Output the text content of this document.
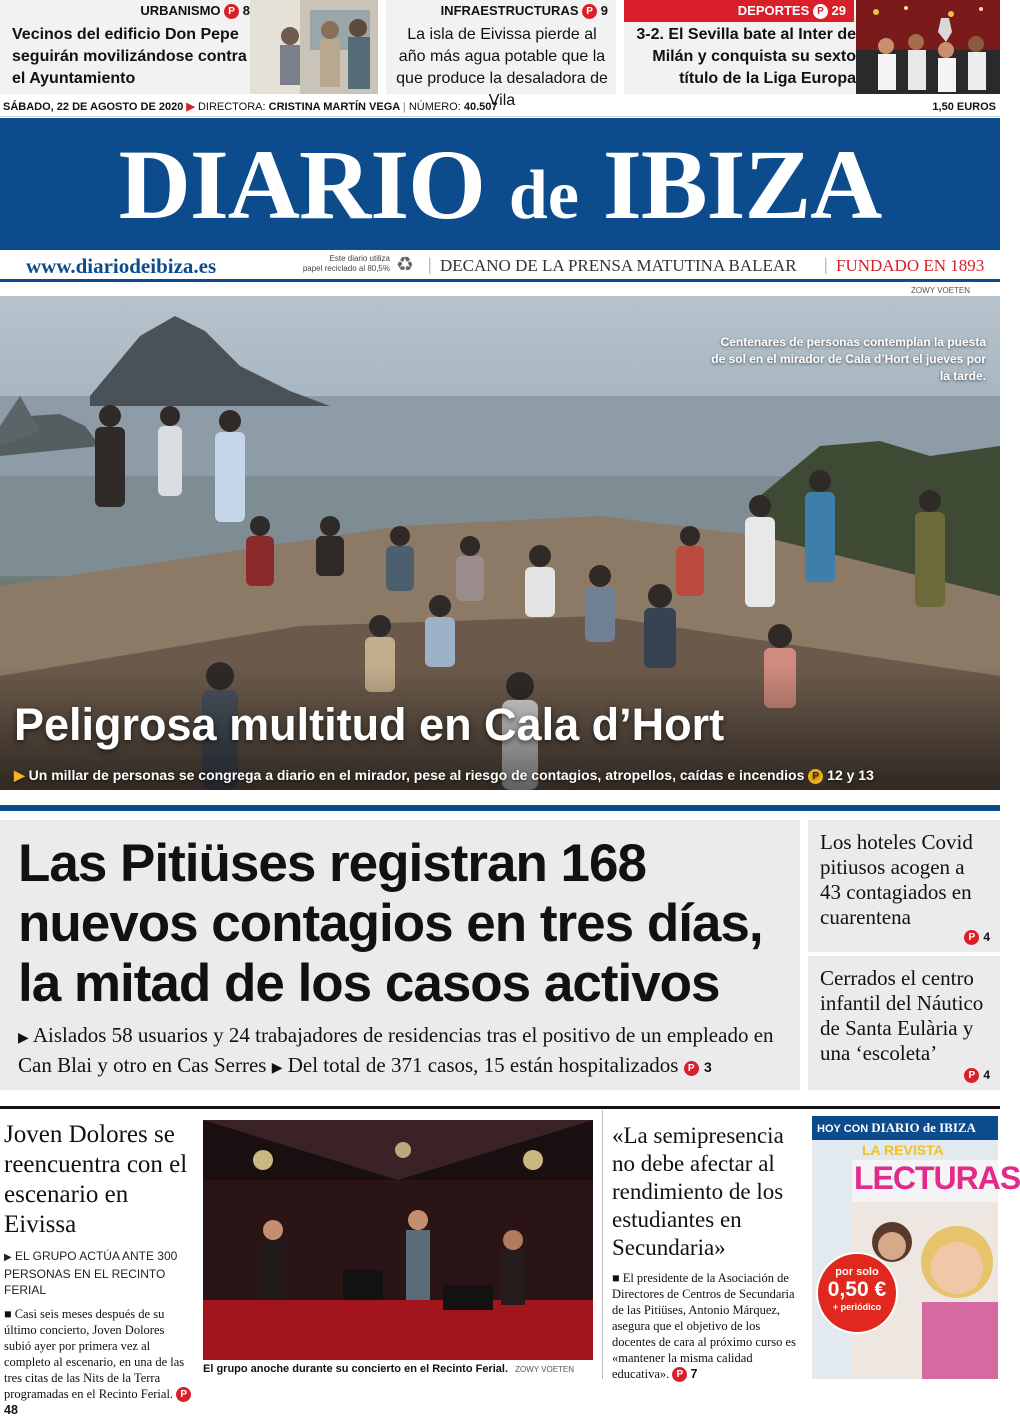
URBANISMO P 8
Vecinos del edificio Don Pepe seguirán movilizándose contra el Ayuntamiento
INFRAESTRUCTURAS P 9
La isla de Eivissa pierde al año más agua potable que la que produce la desaladora de Vila
DEPORTES P 29
3-2. El Sevilla bate al Inter de Milán y conquista su sexto título de la Liga Europa
SÁBADO, 22 DE AGOSTO DE 2020 ▶ DIRECTORA: CRISTINA MARTÍN VEGA | NÚMERO: 40.507	1,50 EUROS
DIARIO de IBIZA
www.diariodeibiza.es	Este diario utiliza
papel reciclado al 80,5% ♻ | DECANO DE LA PRENSA MATUTINA BALEAR | FUNDADO EN 1893
ZOWY VOETEN
Centenares de personas contemplan la puesta de sol en el mirador de Cala d’Hort el jueves por la tarde.
Peligrosa multitud en Cala d’Hort
▶ Un millar de personas se congrega a diario en el mirador, pese al riesgo de contagios, atropellos, caídas e incendios P 12 y 13
Las Pitiüses registran 168 nuevos contagios en tres días, la mitad de los casos activos
▶ Aislados 58 usuarios y 24 trabajadores de residencias tras el positivo de un empleado en Can Blai y otro en Cas Serres ▶ Del total de 371 casos, 15 están hospitalizados P 3
Los hoteles Covid pitiusos acogen a 43 contagiados en cuarentena
P 4
Cerrados el centro infantil del Náutico de Santa Eulària y una ‘escoleta’
P 4
Joven Dolores se reencuentra con el escenario en Eivissa
▶ EL GRUPO ACTÚA ANTE 300 PERSONAS EN EL RECINTO FERIAL
■ Casi seis meses después de su último concierto, Joven Dolores subió ayer por primera vez al completo al escenario, en una de las tres citas de las Nits de la Terra programadas en el Recinto Ferial. P 48
El grupo anoche durante su concierto en el Recinto Ferial. ZOWY VOETEN
«La semipresencia no debe afectar al rendimiento de los estudiantes en Secundaria»
■ El presidente de la Asociación de Directores de Centros de Secundaria de las Pitiüses, Antonio Márquez, asegura que el objetivo de los docentes de cara al próximo curso es «mantener la misma calidad educativa». P 7
HOY CON DIARIO de IBIZA
LA REVISTA
LECTURAS
por solo
0,50 €
+ periódico
